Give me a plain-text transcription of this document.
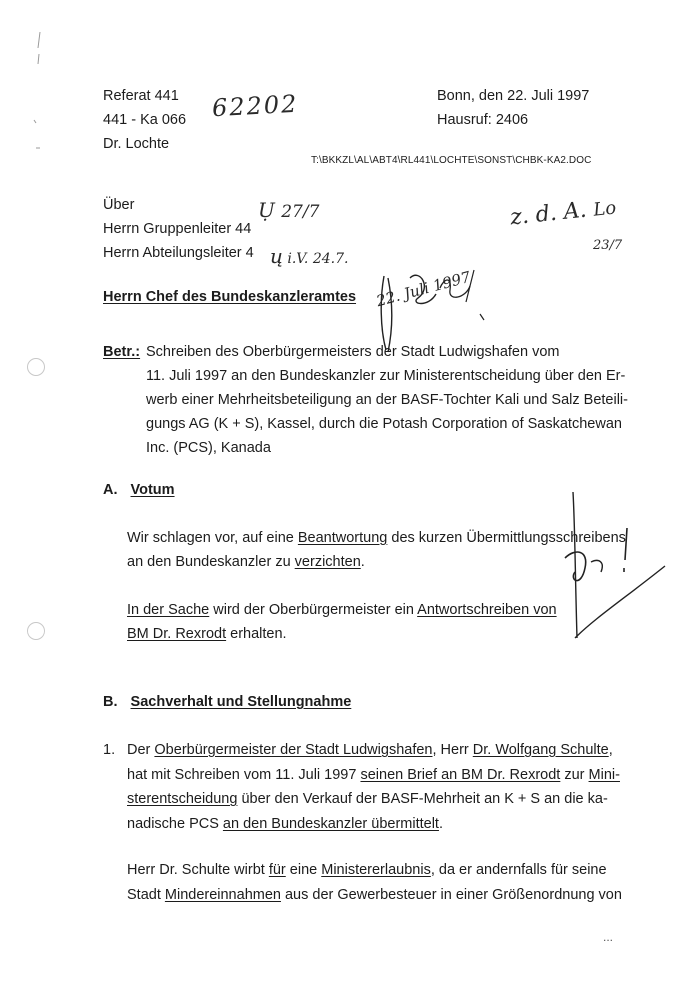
Referat 441
441 - Ka 066
Dr. Lochte
62202	Bonn, den 22. Juli 1997
Hausruf: 2406
T:\BKKZL\AL\ABT4\RL441\LOCHTE\SONST\CHBK-KA2.DOC
Über
Herrn Gruppenleiter 44
Herrn Abteilungsleiter 4
Ụ 27/7
ų i.V. 24.7.
z. d. A. Lo
23/7
Herrn Chef des Bundeskanzleramtes 22. Juli 1997
Betr.: Schreiben des Oberbürgermeisters der Stadt Ludwigshafen vom
11. Juli 1997 an den Bundeskanzler zur Ministerentscheidung über den Er-
werb einer Mehrheitsbeteiligung an der BASF-Tochter Kali und Salz Beteili-
gungs AG (K + S), Kassel, durch die Potash Corporation of Saskatchewan
Inc. (PCS), Kanada
A. Votum
Wir schlagen vor, auf eine Beantwortung des kurzen Übermittlungsschreibens
an den Bundeskanzler zu verzichten.
In der Sache wird der Oberbürgermeister ein Antwortschreiben von
BM Dr. Rexrodt erhalten.
B. Sachverhalt und Stellungnahme
1. Der Oberbürgermeister der Stadt Ludwigshafen, Herr Dr. Wolfgang Schulte,
hat mit Schreiben vom 11. Juli 1997 seinen Brief an BM Dr. Rexrodt zur Mini-
sterentscheidung über den Verkauf der BASF-Mehrheit an K + S an die ka-
nadische PCS an den Bundeskanzler übermittelt.
Herr Dr. Schulte wirbt für eine Ministererlaubnis, da er andernfalls für seine
Stadt Mindereinnahmen aus der Gewerbesteuer in einer Größenordnung von
...
